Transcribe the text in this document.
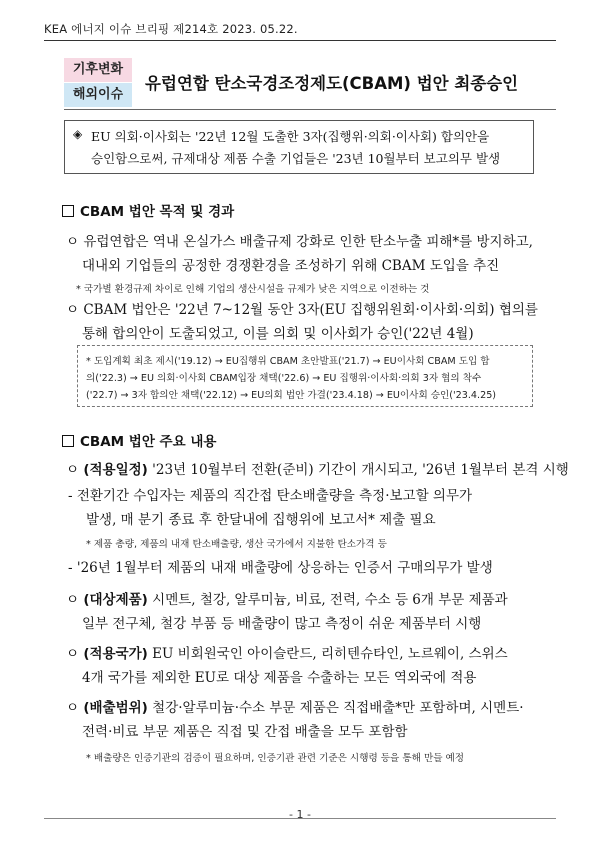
KEA 에너지 이슈 브리핑 제214호 2023. 05.22.
기후변화
해외이슈
유럽연합 탄소국경조정제도(CBAM) 법안 최종승인
◈ EU 의회·이사회는 '22년 12월 도출한 3자(집행위·의회·이사회) 합의안을
승인함으로써, 규제대상 제품 수출 기업들은 '23년 10월부터 보고의무 발생
CBAM 법안 목적 및 경과
ㅇ 유럽연합은 역내 온실가스 배출규제 강화로 인한 탄소누출 피해*를 방지하고,
대내외 기업들의 공정한 경쟁환경을 조성하기 위해 CBAM 도입을 추진
* 국가별 환경규제 차이로 인해 기업의 생산시설을 규제가 낮은 지역으로 이전하는 것
ㅇ CBAM 법안은 '22년 7~12월 동안 3자(EU 집행위원회·이사회·의회) 협의를
통해 합의안이 도출되었고, 이를 의회 및 이사회가 승인('22년 4월)
* 도입계획 최초 제시('19.12) → EU집행위 CBAM 초안발표('21.7) → EU이사회 CBAM 도입 합
의('22.3) → EU 의회·이사회 CBAM입장 채택('22.6) → EU 집행위·이사회·의회 3자 협의 착수
('22.7) → 3자 합의안 채택('22.12) → EU의회 법안 가결('23.4.18) → EU이사회 승인('23.4.25)
CBAM 법안 주요 내용
ㅇ (적용일정) '23년 10월부터 전환(준비) 기간이 개시되고, '26년 1월부터 본격 시행
- 전환기간 수입자는 제품의 직간접 탄소배출량을 측정·보고할 의무가
발생, 매 분기 종료 후 한달내에 집행위에 보고서* 제출 필요
* 제품 총량, 제품의 내재 탄소배출량, 생산 국가에서 지불한 탄소가격 등
- '26년 1월부터 제품의 내재 배출량에 상응하는 인증서 구매의무가 발생
ㅇ (대상제품) 시멘트, 철강, 알루미늄, 비료, 전력, 수소 등 6개 부문 제품과
일부 전구체, 철강 부품 등 배출량이 많고 측정이 쉬운 제품부터 시행
ㅇ (적용국가) EU 비회원국인 아이슬란드, 리히텐슈타인, 노르웨이, 스위스
4개 국가를 제외한 EU로 대상 제품을 수출하는 모든 역외국에 적용
ㅇ (배출범위) 철강·알루미늄·수소 부문 제품은 직접배출*만 포함하며, 시멘트·
전력·비료 부문 제품은 직접 및 간접 배출을 모두 포함함
* 배출량은 인증기관의 검증이 필요하며, 인증기관 관련 기준은 시행령 등을 통해 만들 예정
- 1 -
